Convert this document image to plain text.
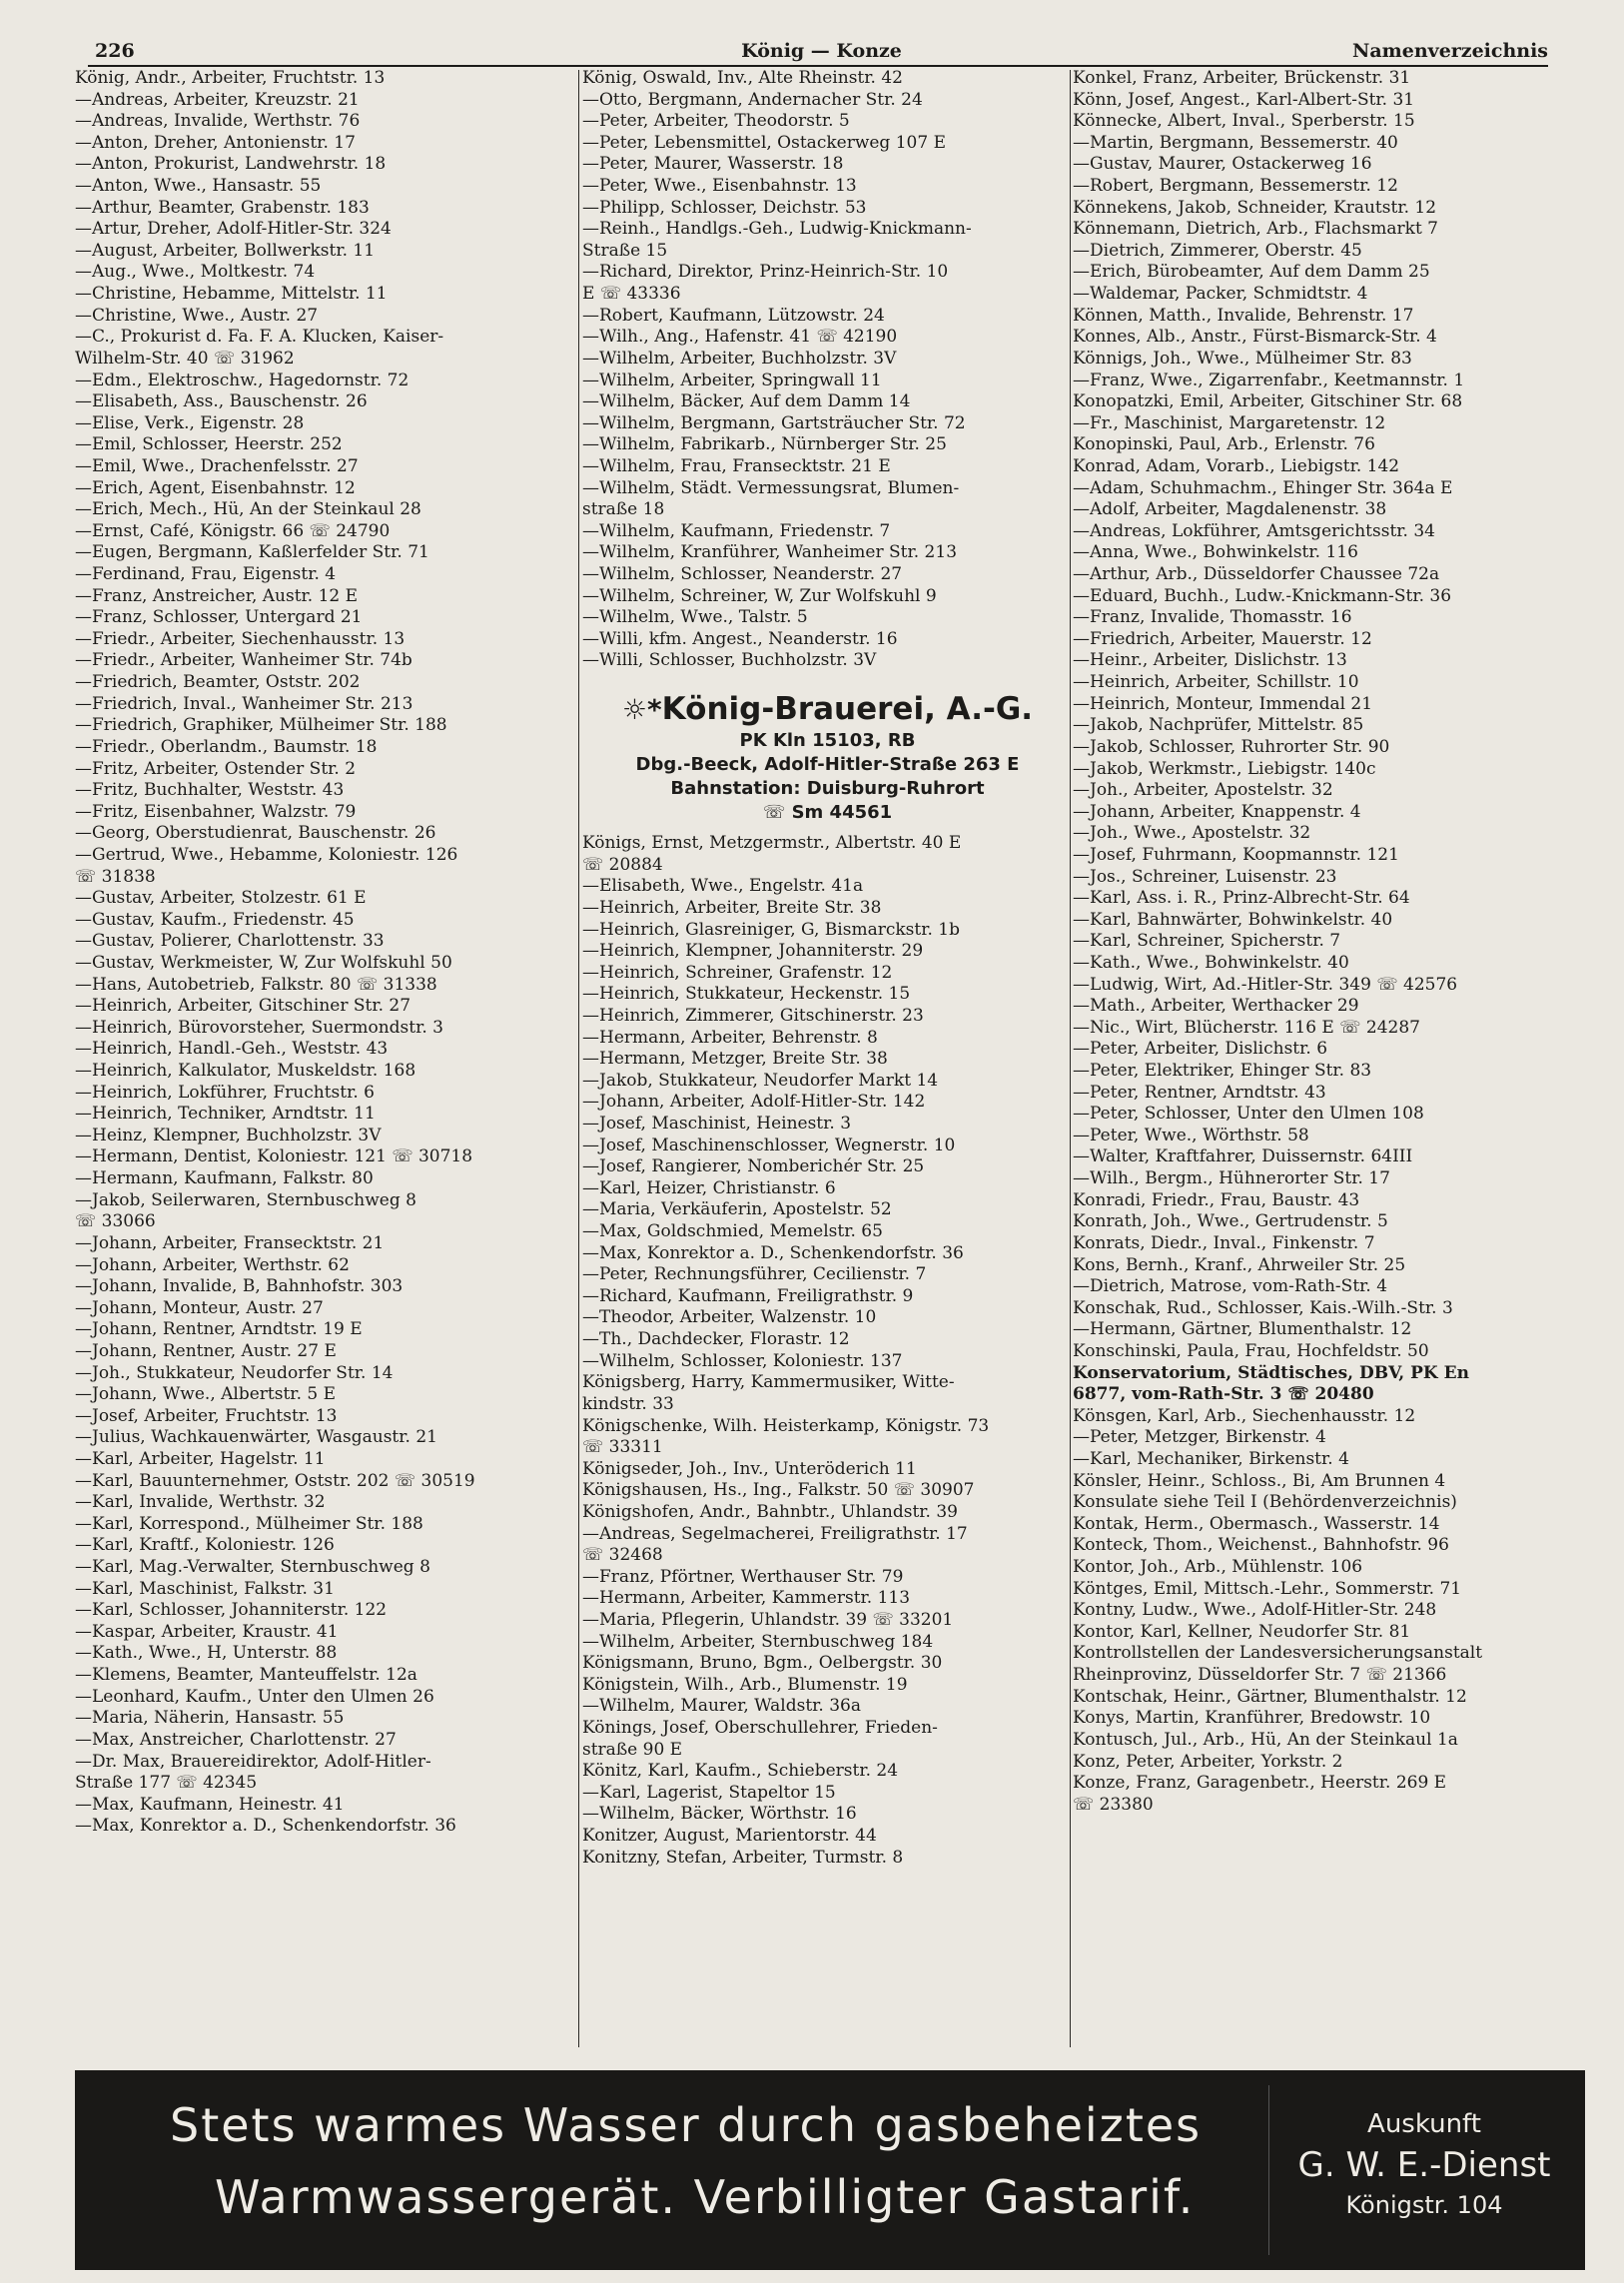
226	König — Konze	Namenverzeichnis
König, Andr., Arbeiter, Fruchtstr. 13
—Andreas, Arbeiter, Kreuzstr. 21
—Andreas, Invalide, Werthstr. 76
—Anton, Dreher, Antonienstr. 17
—Anton, Prokurist, Landwehrstr. 18
—Anton, Wwe., Hansastr. 55
—Arthur, Beamter, Grabenstr. 183
—Artur, Dreher, Adolf-Hitler-Str. 324
—August, Arbeiter, Bollwerkstr. 11
—Aug., Wwe., Moltkestr. 74
—Christine, Hebamme, Mittelstr. 11
—Christine, Wwe., Austr. 27
—C., Prokurist d. Fa. F. A. Klucken, Kaiser-
Wilhelm-Str. 40 ☏ 31962
—Edm., Elektroschw., Hagedornstr. 72
—Elisabeth, Ass., Bauschenstr. 26
—Elise, Verk., Eigenstr. 28
—Emil, Schlosser, Heerstr. 252
—Emil, Wwe., Drachenfelsstr. 27
—Erich, Agent, Eisenbahnstr. 12
—Erich, Mech., Hü, An der Steinkaul 28
—Ernst, Café, Königstr. 66 ☏ 24790
—Eugen, Bergmann, Kaßlerfelder Str. 71
—Ferdinand, Frau, Eigenstr. 4
—Franz, Anstreicher, Austr. 12 E
—Franz, Schlosser, Untergard 21
—Friedr., Arbeiter, Siechenhausstr. 13
—Friedr., Arbeiter, Wanheimer Str. 74b
—Friedrich, Beamter, Oststr. 202
—Friedrich, Inval., Wanheimer Str. 213
—Friedrich, Graphiker, Mülheimer Str. 188
—Friedr., Oberlandm., Baumstr. 18
—Fritz, Arbeiter, Ostender Str. 2
—Fritz, Buchhalter, Weststr. 43
—Fritz, Eisenbahner, Walzstr. 79
—Georg, Oberstudienrat, Bauschenstr. 26
—Gertrud, Wwe., Hebamme, Koloniestr. 126
☏ 31838
—Gustav, Arbeiter, Stolzestr. 61 E
—Gustav, Kaufm., Friedenstr. 45
—Gustav, Polierer, Charlottenstr. 33
—Gustav, Werkmeister, W, Zur Wolfskuhl 50
—Hans, Autobetrieb, Falkstr. 80 ☏ 31338
—Heinrich, Arbeiter, Gitschiner Str. 27
—Heinrich, Bürovorsteher, Suermondstr. 3
—Heinrich, Handl.-Geh., Weststr. 43
—Heinrich, Kalkulator, Muskeldstr. 168
—Heinrich, Lokführer, Fruchtstr. 6
—Heinrich, Techniker, Arndtstr. 11
—Heinz, Klempner, Buchholzstr. 3V
—Hermann, Dentist, Koloniestr. 121 ☏ 30718
—Hermann, Kaufmann, Falkstr. 80
—Jakob, Seilerwaren, Sternbuschweg 8
☏ 33066
—Johann, Arbeiter, Fransecktstr. 21
—Johann, Arbeiter, Werthstr. 62
—Johann, Invalide, B, Bahnhofstr. 303
—Johann, Monteur, Austr. 27
—Johann, Rentner, Arndtstr. 19 E
—Johann, Rentner, Austr. 27 E
—Joh., Stukkateur, Neudorfer Str. 14
—Johann, Wwe., Albertstr. 5 E
—Josef, Arbeiter, Fruchtstr. 13
—Julius, Wachkauenwärter, Wasgaustr. 21
—Karl, Arbeiter, Hagelstr. 11
—Karl, Bauunternehmer, Oststr. 202 ☏ 30519
—Karl, Invalide, Werthstr. 32
—Karl, Korrespond., Mülheimer Str. 188
—Karl, Kraftf., Koloniestr. 126
—Karl, Mag.-Verwalter, Sternbuschweg 8
—Karl, Maschinist, Falkstr. 31
—Karl, Schlosser, Johanniterstr. 122
—Kaspar, Arbeiter, Kraustr. 41
—Kath., Wwe., H, Unterstr. 88
—Klemens, Beamter, Manteuffelstr. 12a
—Leonhard, Kaufm., Unter den Ulmen 26
—Maria, Näherin, Hansastr. 55
—Max, Anstreicher, Charlottenstr. 27
—Dr. Max, Brauereidirektor, Adolf-Hitler-
Straße 177 ☏ 42345
—Max, Kaufmann, Heinestr. 41
—Max, Konrektor a. D., Schenkendorfstr. 36
König, Oswald, Inv., Alte Rheinstr. 42
—Otto, Bergmann, Andernacher Str. 24
—Peter, Arbeiter, Theodorstr. 5
—Peter, Lebensmittel, Ostackerweg 107 E
—Peter, Maurer, Wasserstr. 18
—Peter, Wwe., Eisenbahnstr. 13
—Philipp, Schlosser, Deichstr. 53
—Reinh., Handlgs.-Geh., Ludwig-Knickmann-
Straße 15
—Richard, Direktor, Prinz-Heinrich-Str. 10
E ☏ 43336
—Robert, Kaufmann, Lützowstr. 24
—Wilh., Ang., Hafenstr. 41 ☏ 42190
—Wilhelm, Arbeiter, Buchholzstr. 3V
—Wilhelm, Arbeiter, Springwall 11
—Wilhelm, Bäcker, Auf dem Damm 14
—Wilhelm, Bergmann, Gartsträucher Str. 72
—Wilhelm, Fabrikarb., Nürnberger Str. 25
—Wilhelm, Frau, Fransecktstr. 21 E
—Wilhelm, Städt. Vermessungsrat, Blumen-
straße 18
—Wilhelm, Kaufmann, Friedenstr. 7
—Wilhelm, Kranführer, Wanheimer Str. 213
—Wilhelm, Schlosser, Neanderstr. 27
—Wilhelm, Schreiner, W, Zur Wolfskuhl 9
—Wilhelm, Wwe., Talstr. 5
—Willi, kfm. Angest., Neanderstr. 16
—Willi, Schlosser, Buchholzstr. 3V
☼*König-Brauerei, A.-G.
PK Kln 15103, RB
Dbg.-Beeck, Adolf-Hitler-Straße 263 E
Bahnstation: Duisburg-Ruhrort
☏ Sm 44561
Königs, Ernst, Metzgermstr., Albertstr. 40 E
☏ 20884
—Elisabeth, Wwe., Engelstr. 41a
—Heinrich, Arbeiter, Breite Str. 38
—Heinrich, Glasreiniger, G, Bismarckstr. 1b
—Heinrich, Klempner, Johanniterstr. 29
—Heinrich, Schreiner, Grafenstr. 12
—Heinrich, Stukkateur, Heckenstr. 15
—Heinrich, Zimmerer, Gitschinerstr. 23
—Hermann, Arbeiter, Behrenstr. 8
—Hermann, Metzger, Breite Str. 38
—Jakob, Stukkateur, Neudorfer Markt 14
—Johann, Arbeiter, Adolf-Hitler-Str. 142
—Josef, Maschinist, Heinestr. 3
—Josef, Maschinenschlosser, Wegnerstr. 10
—Josef, Rangierer, Nomberichér Str. 25
—Karl, Heizer, Christianstr. 6
—Maria, Verkäuferin, Apostelstr. 52
—Max, Goldschmied, Memelstr. 65
—Max, Konrektor a. D., Schenkendorfstr. 36
—Peter, Rechnungsführer, Cecilienstr. 7
—Richard, Kaufmann, Freiligrathstr. 9
—Theodor, Arbeiter, Walzenstr. 10
—Th., Dachdecker, Florastr. 12
—Wilhelm, Schlosser, Koloniestr. 137
Königsberg, Harry, Kammermusiker, Witte-
kindstr. 33
Königschenke, Wilh. Heisterkamp, Königstr. 73
☏ 33311
Königseder, Joh., Inv., Unteröderich 11
Königshausen, Hs., Ing., Falkstr. 50 ☏ 30907
Königshofen, Andr., Bahnbtr., Uhlandstr. 39
—Andreas, Segelmacherei, Freiligrathstr. 17
☏ 32468
—Franz, Pförtner, Werthauser Str. 79
—Hermann, Arbeiter, Kammerstr. 113
—Maria, Pflegerin, Uhlandstr. 39 ☏ 33201
—Wilhelm, Arbeiter, Sternbuschweg 184
Königsmann, Bruno, Bgm., Oelbergstr. 30
Königstein, Wilh., Arb., Blumenstr. 19
—Wilhelm, Maurer, Waldstr. 36a
Könings, Josef, Oberschullehrer, Frieden-
straße 90 E
Könitz, Karl, Kaufm., Schieberstr. 24
—Karl, Lagerist, Stapeltor 15
—Wilhelm, Bäcker, Wörthstr. 16
Konitzer, August, Marientorstr. 44
Konitzny, Stefan, Arbeiter, Turmstr. 8
Konkel, Franz, Arbeiter, Brückenstr. 31
Könn, Josef, Angest., Karl-Albert-Str. 31
Könnecke, Albert, Inval., Sperberstr. 15
—Martin, Bergmann, Bessemerstr. 40
—Gustav, Maurer, Ostackerweg 16
—Robert, Bergmann, Bessemerstr. 12
Könnekens, Jakob, Schneider, Krautstr. 12
Könnemann, Dietrich, Arb., Flachsmarkt 7
—Dietrich, Zimmerer, Oberstr. 45
—Erich, Bürobeamter, Auf dem Damm 25
—Waldemar, Packer, Schmidtstr. 4
Können, Matth., Invalide, Behrenstr. 17
Konnes, Alb., Anstr., Fürst-Bismarck-Str. 4
Könnigs, Joh., Wwe., Mülheimer Str. 83
—Franz, Wwe., Zigarrenfabr., Keetmannstr. 1
Konopatzki, Emil, Arbeiter, Gitschiner Str. 68
—Fr., Maschinist, Margaretenstr. 12
Konopinski, Paul, Arb., Erlenstr. 76
Konrad, Adam, Vorarb., Liebigstr. 142
—Adam, Schuhmachm., Ehinger Str. 364a E
—Adolf, Arbeiter, Magdalenenstr. 38
—Andreas, Lokführer, Amtsgerichtsstr. 34
—Anna, Wwe., Bohwinkelstr. 116
—Arthur, Arb., Düsseldorfer Chaussee 72a
—Eduard, Buchh., Ludw.-Knickmann-Str. 36
—Franz, Invalide, Thomasstr. 16
—Friedrich, Arbeiter, Mauerstr. 12
—Heinr., Arbeiter, Dislichstr. 13
—Heinrich, Arbeiter, Schillstr. 10
—Heinrich, Monteur, Immendal 21
—Jakob, Nachprüfer, Mittelstr. 85
—Jakob, Schlosser, Ruhrorter Str. 90
—Jakob, Werkmstr., Liebigstr. 140c
—Joh., Arbeiter, Apostelstr. 32
—Johann, Arbeiter, Knappenstr. 4
—Joh., Wwe., Apostelstr. 32
—Josef, Fuhrmann, Koopmannstr. 121
—Jos., Schreiner, Luisenstr. 23
—Karl, Ass. i. R., Prinz-Albrecht-Str. 64
—Karl, Bahnwärter, Bohwinkelstr. 40
—Karl, Schreiner, Spicherstr. 7
—Kath., Wwe., Bohwinkelstr. 40
—Ludwig, Wirt, Ad.-Hitler-Str. 349 ☏ 42576
—Math., Arbeiter, Werthacker 29
—Nic., Wirt, Blücherstr. 116 E ☏ 24287
—Peter, Arbeiter, Dislichstr. 6
—Peter, Elektriker, Ehinger Str. 83
—Peter, Rentner, Arndtstr. 43
—Peter, Schlosser, Unter den Ulmen 108
—Peter, Wwe., Wörthstr. 58
—Walter, Kraftfahrer, Duissernstr. 64III
—Wilh., Bergm., Hühnerorter Str. 17
Konradi, Friedr., Frau, Baustr. 43
Konrath, Joh., Wwe., Gertrudenstr. 5
Konrats, Diedr., Inval., Finkenstr. 7
Kons, Bernh., Kranf., Ahrweiler Str. 25
—Dietrich, Matrose, vom-Rath-Str. 4
Konschak, Rud., Schlosser, Kais.-Wilh.-Str. 3
—Hermann, Gärtner, Blumenthalstr. 12
Konschinski, Paula, Frau, Hochfeldstr. 50
Konservatorium, Städtisches, DBV, PK En
6877, vom-Rath-Str. 3 ☏ 20480
Könsgen, Karl, Arb., Siechenhausstr. 12
—Peter, Metzger, Birkenstr. 4
—Karl, Mechaniker, Birkenstr. 4
Könsler, Heinr., Schloss., Bi, Am Brunnen 4
Konsulate siehe Teil I (Behördenverzeichnis)
Kontak, Herm., Obermasch., Wasserstr. 14
Konteck, Thom., Weichenst., Bahnhofstr. 96
Kontor, Joh., Arb., Mühlenstr. 106
Köntges, Emil, Mittsch.-Lehr., Sommerstr. 71
Kontny, Ludw., Wwe., Adolf-Hitler-Str. 248
Kontor, Karl, Kellner, Neudorfer Str. 81
Kontrollstellen der Landesversicherungsanstalt
Rheinprovinz, Düsseldorfer Str. 7 ☏ 21366
Kontschak, Heinr., Gärtner, Blumenthalstr. 12
Konys, Martin, Kranführer, Bredowstr. 10
Kontusch, Jul., Arb., Hü, An der Steinkaul 1a
Konz, Peter, Arbeiter, Yorkstr. 2
Konze, Franz, Garagenbetr., Heerstr. 269 E
☏ 23380
Stets warmes Wasser durch gasbeheiztes
Warmwassergerät. Verbilligter Gastarif.
Auskunft
G. W. E.-Dienst
Königstr. 104
